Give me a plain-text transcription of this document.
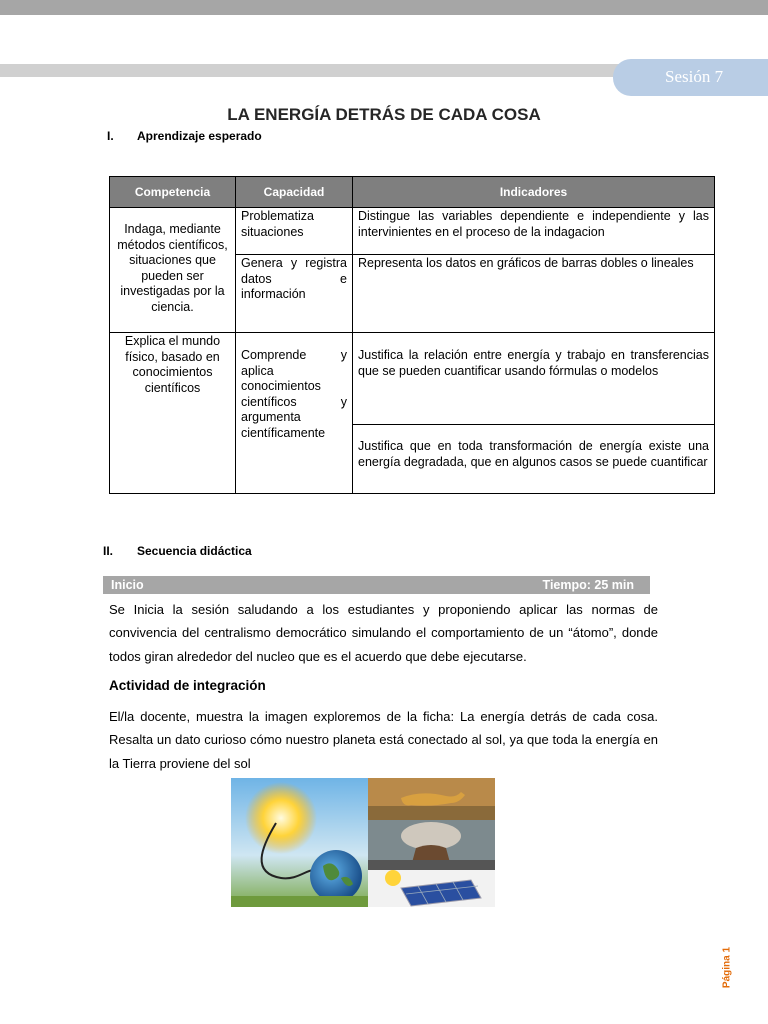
Sesión 7
LA ENERGÍA DETRÁS DE CADA COSA
I. Aprendizaje esperado
Competencia	Capacidad	Indicadores
Indaga, mediante métodos científicos, situaciones que pueden ser investigadas por la ciencia.	Problematiza situaciones	Distingue las variables dependiente e independiente y las intervinientes en el proceso de la indagacion
	Genera y registra datos e información	Representa los datos en gráficos de barras dobles o lineales
Explica el mundo físico, basado en conocimientos científicos	Comprende y aplica conocimientos científicos y argumenta científicamente	Justifica la relación entre energía y trabajo en transferencias que se pueden cuantificar usando fórmulas o modelos
		Justifica que en toda transformación de energía existe una energía degradada, que en algunos casos se puede cuantificar
II. Secuencia didáctica
Inicio	Tiempo: 25 min
Se Inicia la sesión saludando a los estudiantes y proponiendo aplicar las normas de convivencia del centralismo democrático simulando el comportamiento de un “átomo”, donde todos giran alrededor del nucleo que es el acuerdo que debe ejecutarse.
Actividad de integración
El/la docente, muestra la imagen exploremos de la ficha: La energía detrás de cada cosa. Resalta un dato curioso cómo nuestro planeta está conectado al sol, ya que toda la energía en la Tierra proviene del sol
Página 1
